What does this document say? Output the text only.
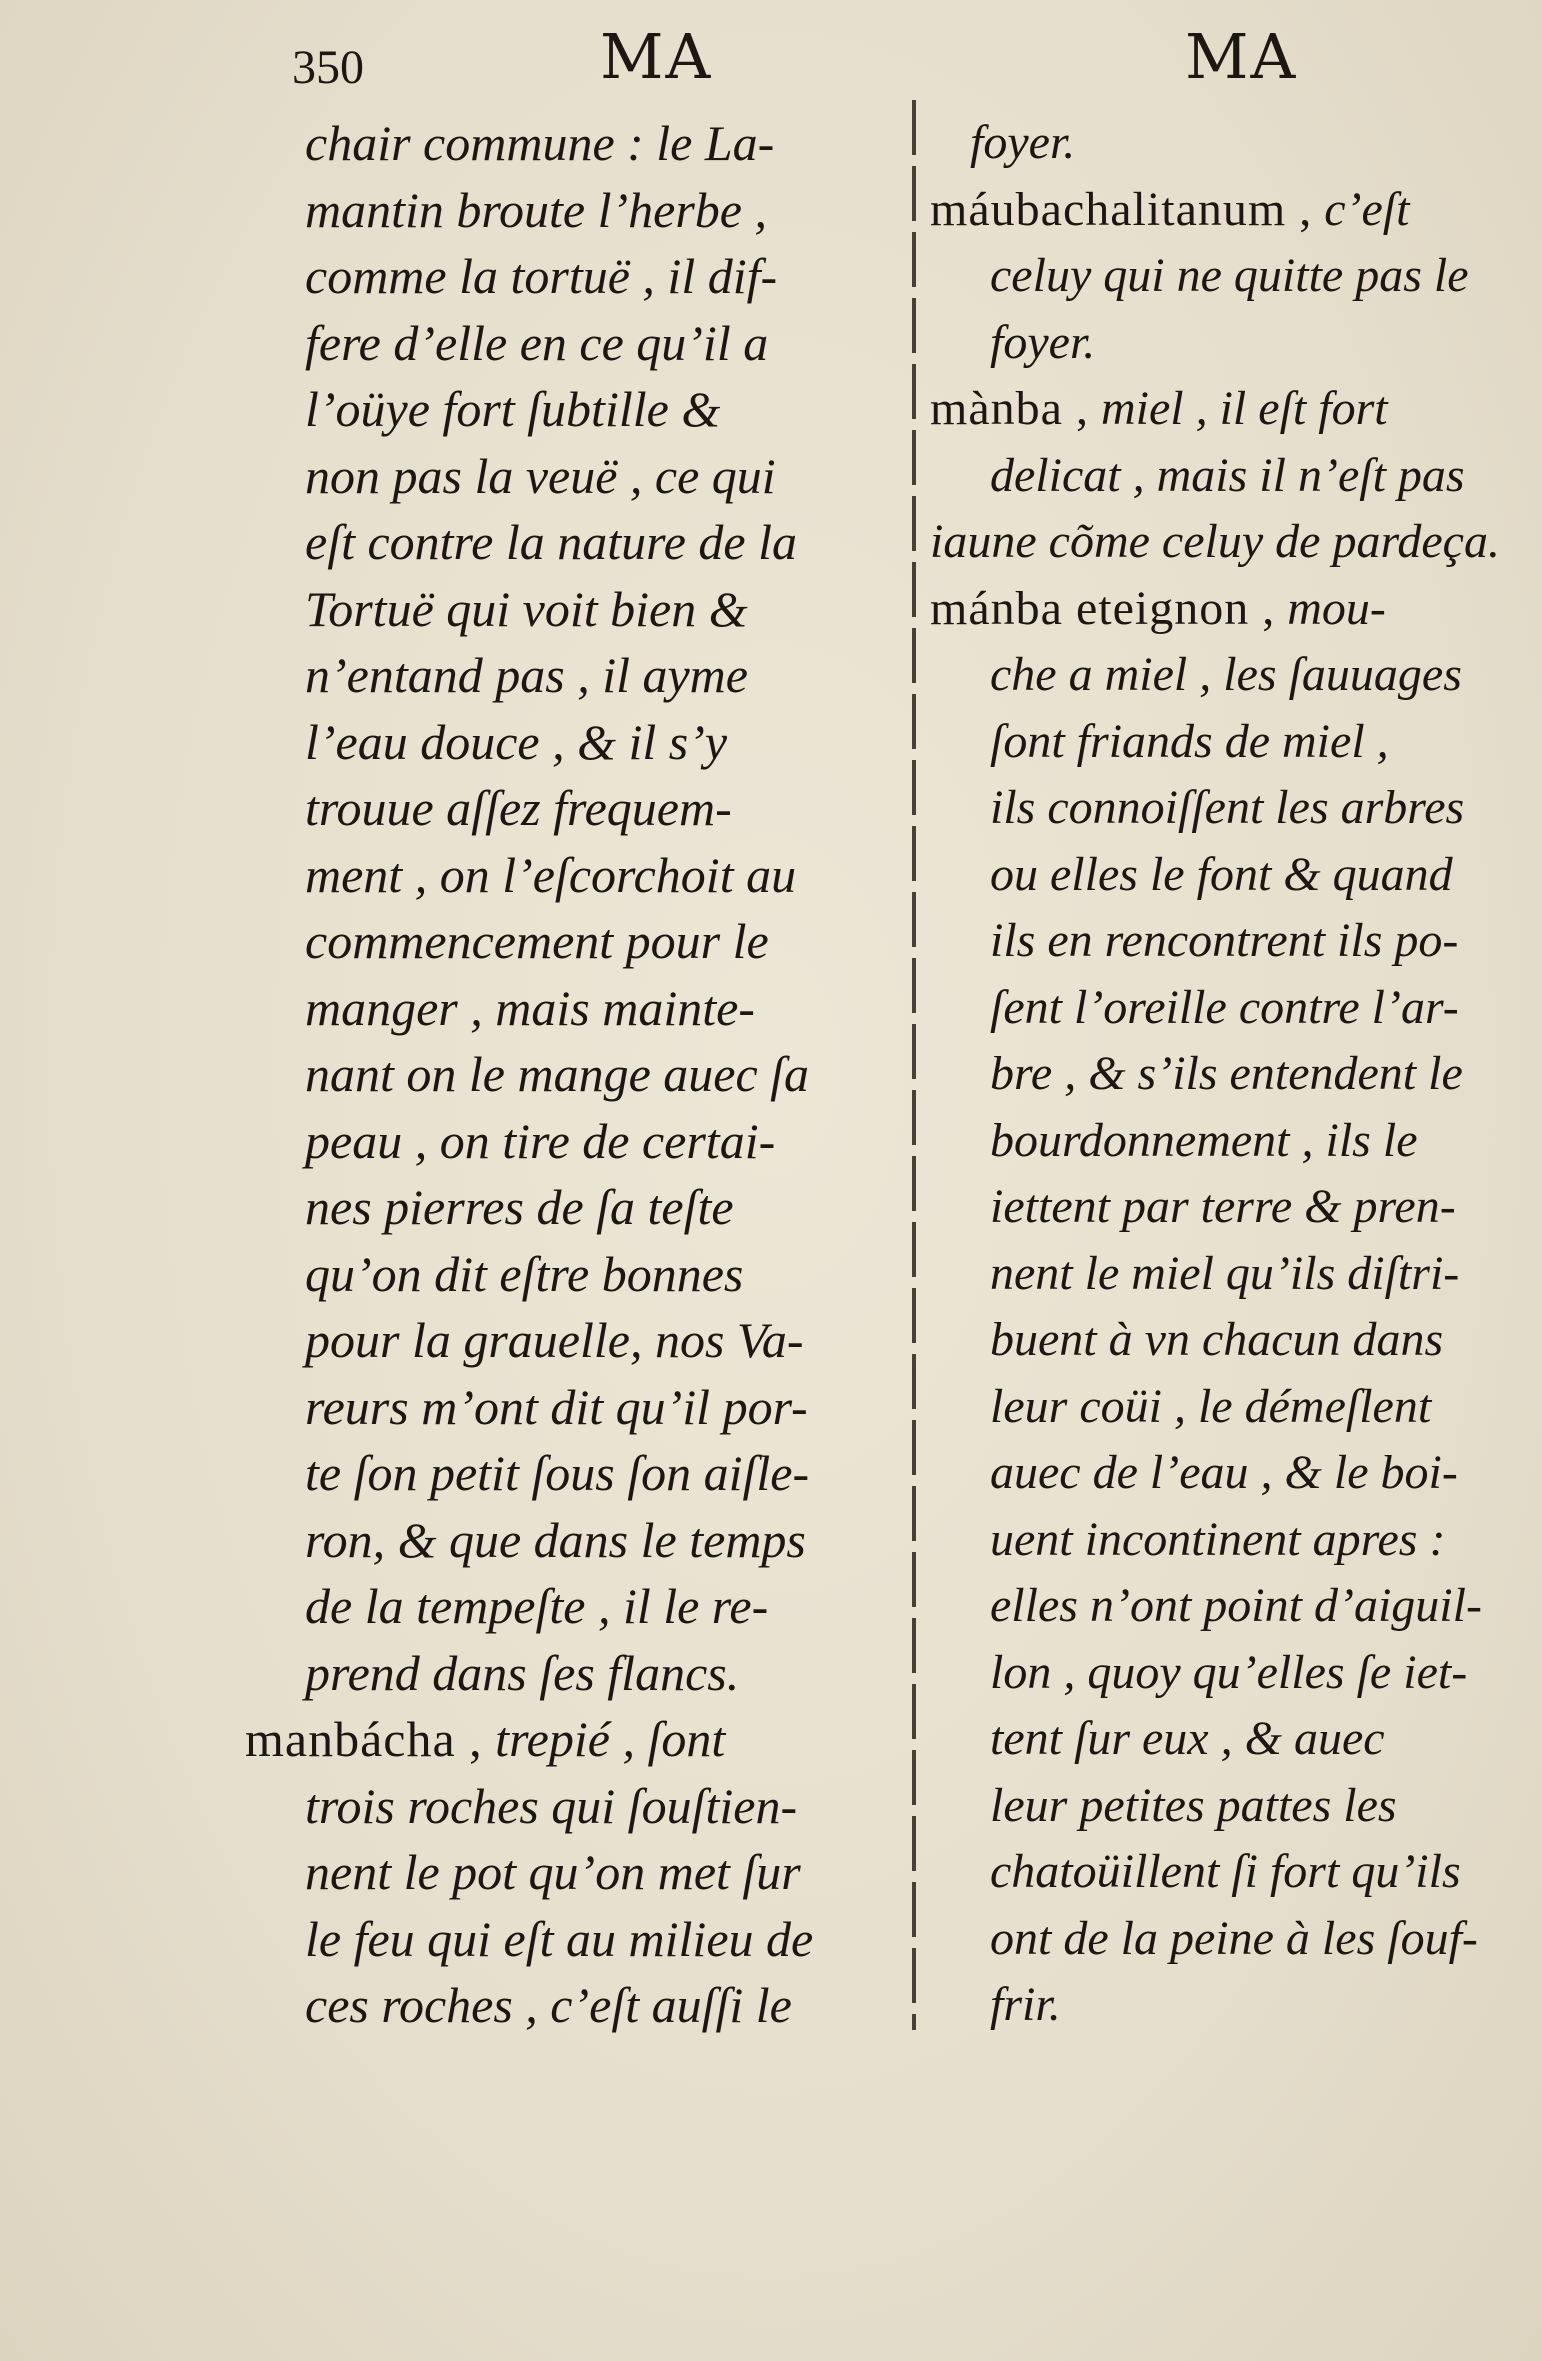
350	MA	MA
chair commune : le La-
mantin broute l’herbe ,
comme la tortuë , il dif-
fere d’elle en ce qu’il a
l’oüye fort ſubtille &
non pas la veuë , ce qui
eſt contre la nature de la
Tortuë qui voit bien &
n’entand pas , il ayme
l’eau douce , & il s’y
trouue aſſez frequem-
ment , on l’eſcorchoit au
commencement pour le
manger , mais mainte-
nant on le mange auec ſa
peau , on tire de certai-
nes pierres de ſa teſte
qu’on dit eſtre bonnes
pour la grauelle, nos Va-
reurs m’ont dit qu’il por-
te ſon petit ſous ſon aiſle-
ron, & que dans le temps
de la tempeſte , il le re-
prend dans ſes flancs.
manbácha , trepié , ſont
trois roches qui ſouſtien-
nent le pot qu’on met ſur
le feu qui eſt au milieu de
ces roches , c’eſt auſſi le
foyer.
máubachalitanum , c’eſt
celuy qui ne quitte pas le
foyer.
mànba , miel , il eſt fort
delicat , mais il n’eſt pas
iaune cõme celuy de pardeça.
mánba eteignon , mou-
che a miel , les ſauuages
ſont friands de miel ,
ils connoiſſent les arbres
ou elles le font & quand
ils en rencontrent ils po-
ſent l’oreille contre l’ar-
bre , & s’ils entendent le
bourdonnement , ils le
iettent par terre & pren-
nent le miel qu’ils diſtri-
buent à vn chacun dans
leur coüi , le démeſlent
auec de l’eau , & le boi-
uent incontinent apres :
elles n’ont point d’aiguil-
lon , quoy qu’elles ſe iet-
tent ſur eux , & auec
leur petites pattes les
chatoüillent ſi fort qu’ils
ont de la peine à les ſouf-
frir.
